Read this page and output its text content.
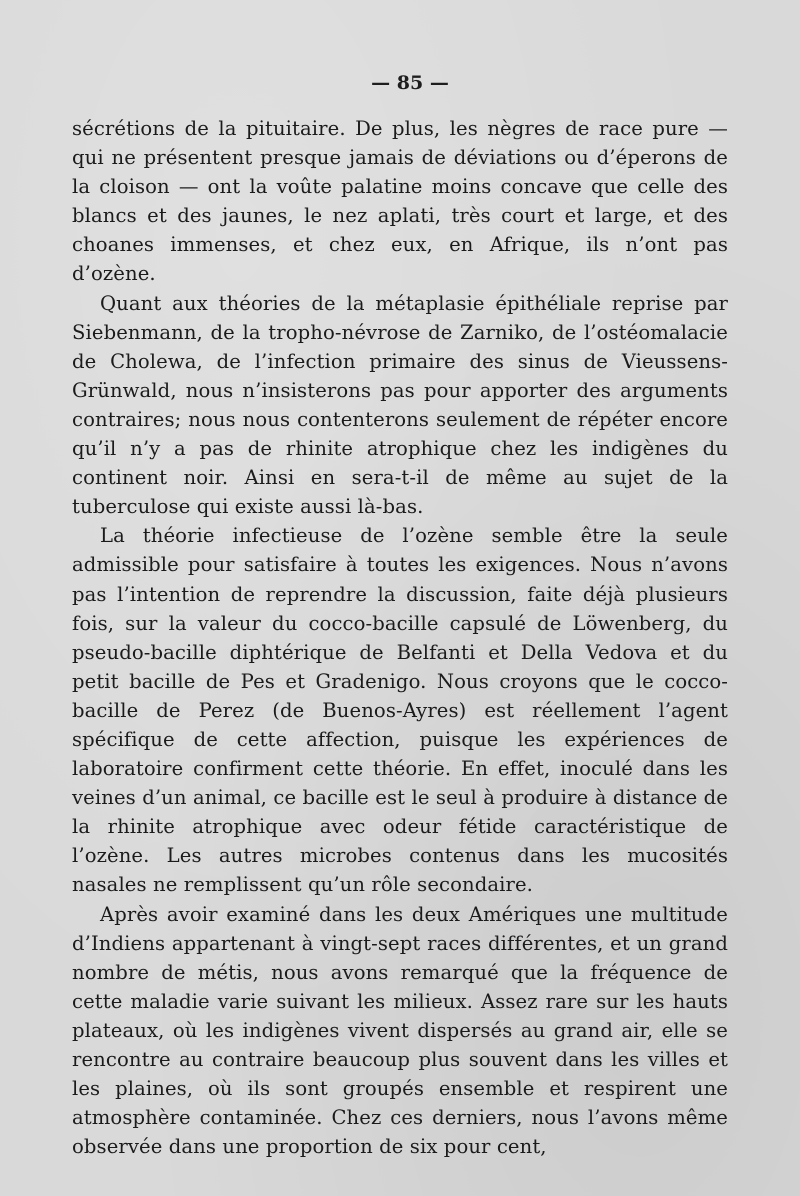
— 85 —

sécrétions de la pituitaire. De plus, les nègres de race pure — qui ne présentent presque jamais de déviations ou d’éperons de la cloison — ont la voûte palatine moins concave que celle des blancs et des jaunes, le nez aplati, très court et large, et des choanes immenses, et chez eux, en Afrique, ils n’ont pas d’ozène.

Quant aux théories de la métaplasie épithéliale reprise par Siebenmann, de la tropho-névrose de Zarniko, de l’ostéomalacie de Cholewa, de l’infection primaire des sinus de Vieussens-Grünwald, nous n’insisterons pas pour apporter des arguments contraires; nous nous contenterons seulement de répéter encore qu’il n’y a pas de rhinite atrophique chez les indigènes du continent noir. Ainsi en sera-t-il de même au sujet de la tuberculose qui existe aussi là-bas.

La théorie infectieuse de l’ozène semble être la seule admissible pour satisfaire à toutes les exigences. Nous n’avons pas l’intention de reprendre la discussion, faite déjà plusieurs fois, sur la valeur du cocco-bacille capsulé de Löwenberg, du pseudo-bacille diphtérique de Belfanti et Della Vedova et du petit bacille de Pes et Gradenigo. Nous croyons que le cocco-bacille de Perez (de Buenos-Ayres) est réellement l’agent spécifique de cette affection, puisque les expériences de laboratoire confirment cette théorie. En effet, inoculé dans les veines d’un animal, ce bacille est le seul à produire à distance de la rhinite atrophique avec odeur fétide caractéristique de l’ozène. Les autres microbes contenus dans les mucosités nasales ne remplissent qu’un rôle secondaire.

Après avoir examiné dans les deux Amériques une multitude d’Indiens appartenant à vingt-sept races différentes, et un grand nombre de métis, nous avons remarqué que la fréquence de cette maladie varie suivant les milieux. Assez rare sur les hauts plateaux, où les indigènes vivent dispersés au grand air, elle se rencontre au contraire beaucoup plus souvent dans les villes et les plaines, où ils sont groupés ensemble et respirent une atmosphère contaminée. Chez ces derniers, nous l’avons même observée dans une proportion de six pour cent,
